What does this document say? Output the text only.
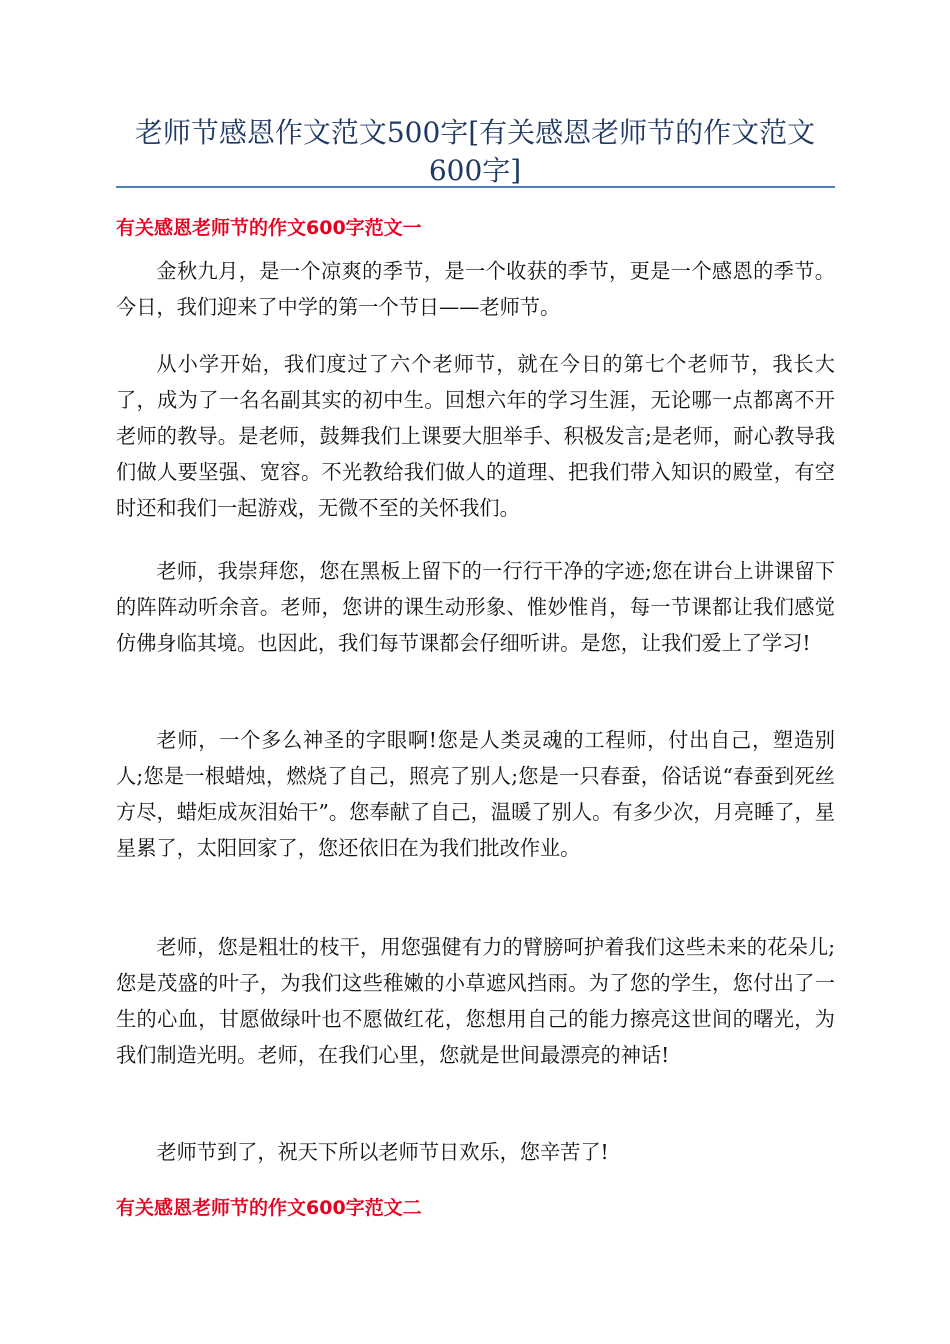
老师节感恩作文范文500字[有关感恩老师节的作文范文600字]
有关感恩老师节的作文600字范文一

金秋九月，是一个凉爽的季节，是一个收获的季节，更是一个感恩的季节。今日，我们迎来了中学的第一个节日——老师节。

从小学开始，我们度过了六个老师节，就在今日的第七个老师节，我长大了，成为了一名名副其实的初中生。回想六年的学习生涯，无论哪一点都离不开老师的教导。是老师，鼓舞我们上课要大胆举手、积极发言;是老师，耐心教导我们做人要坚强、宽容。不光教给我们做人的道理、把我们带入知识的殿堂，有空时还和我们一起游戏，无微不至的关怀我们。

老师，我崇拜您，您在黑板上留下的一行行干净的字迹;您在讲台上讲课留下的阵阵动听余音。老师，您讲的课生动形象、惟妙惟肖，每一节课都让我们感觉仿佛身临其境。也因此，我们每节课都会仔细听讲。是您，让我们爱上了学习!

老师，一个多么神圣的字眼啊!您是人类灵魂的工程师，付出自己，塑造别人;您是一根蜡烛，燃烧了自己，照亮了别人;您是一只春蚕，俗话说“春蚕到死丝方尽，蜡炬成灰泪始干”。您奉献了自己，温暖了别人。有多少次，月亮睡了，星星累了，太阳回家了，您还依旧在为我们批改作业。

老师，您是粗壮的枝干，用您强健有力的臂膀呵护着我们这些未来的花朵儿;您是茂盛的叶子，为我们这些稚嫩的小草遮风挡雨。为了您的学生，您付出了一生的心血，甘愿做绿叶也不愿做红花，您想用自己的能力擦亮这世间的曙光，为我们制造光明。老师，在我们心里，您就是世间最漂亮的神话!

老师节到了，祝天下所以老师节日欢乐，您辛苦了!

有关感恩老师节的作文600字范文二
